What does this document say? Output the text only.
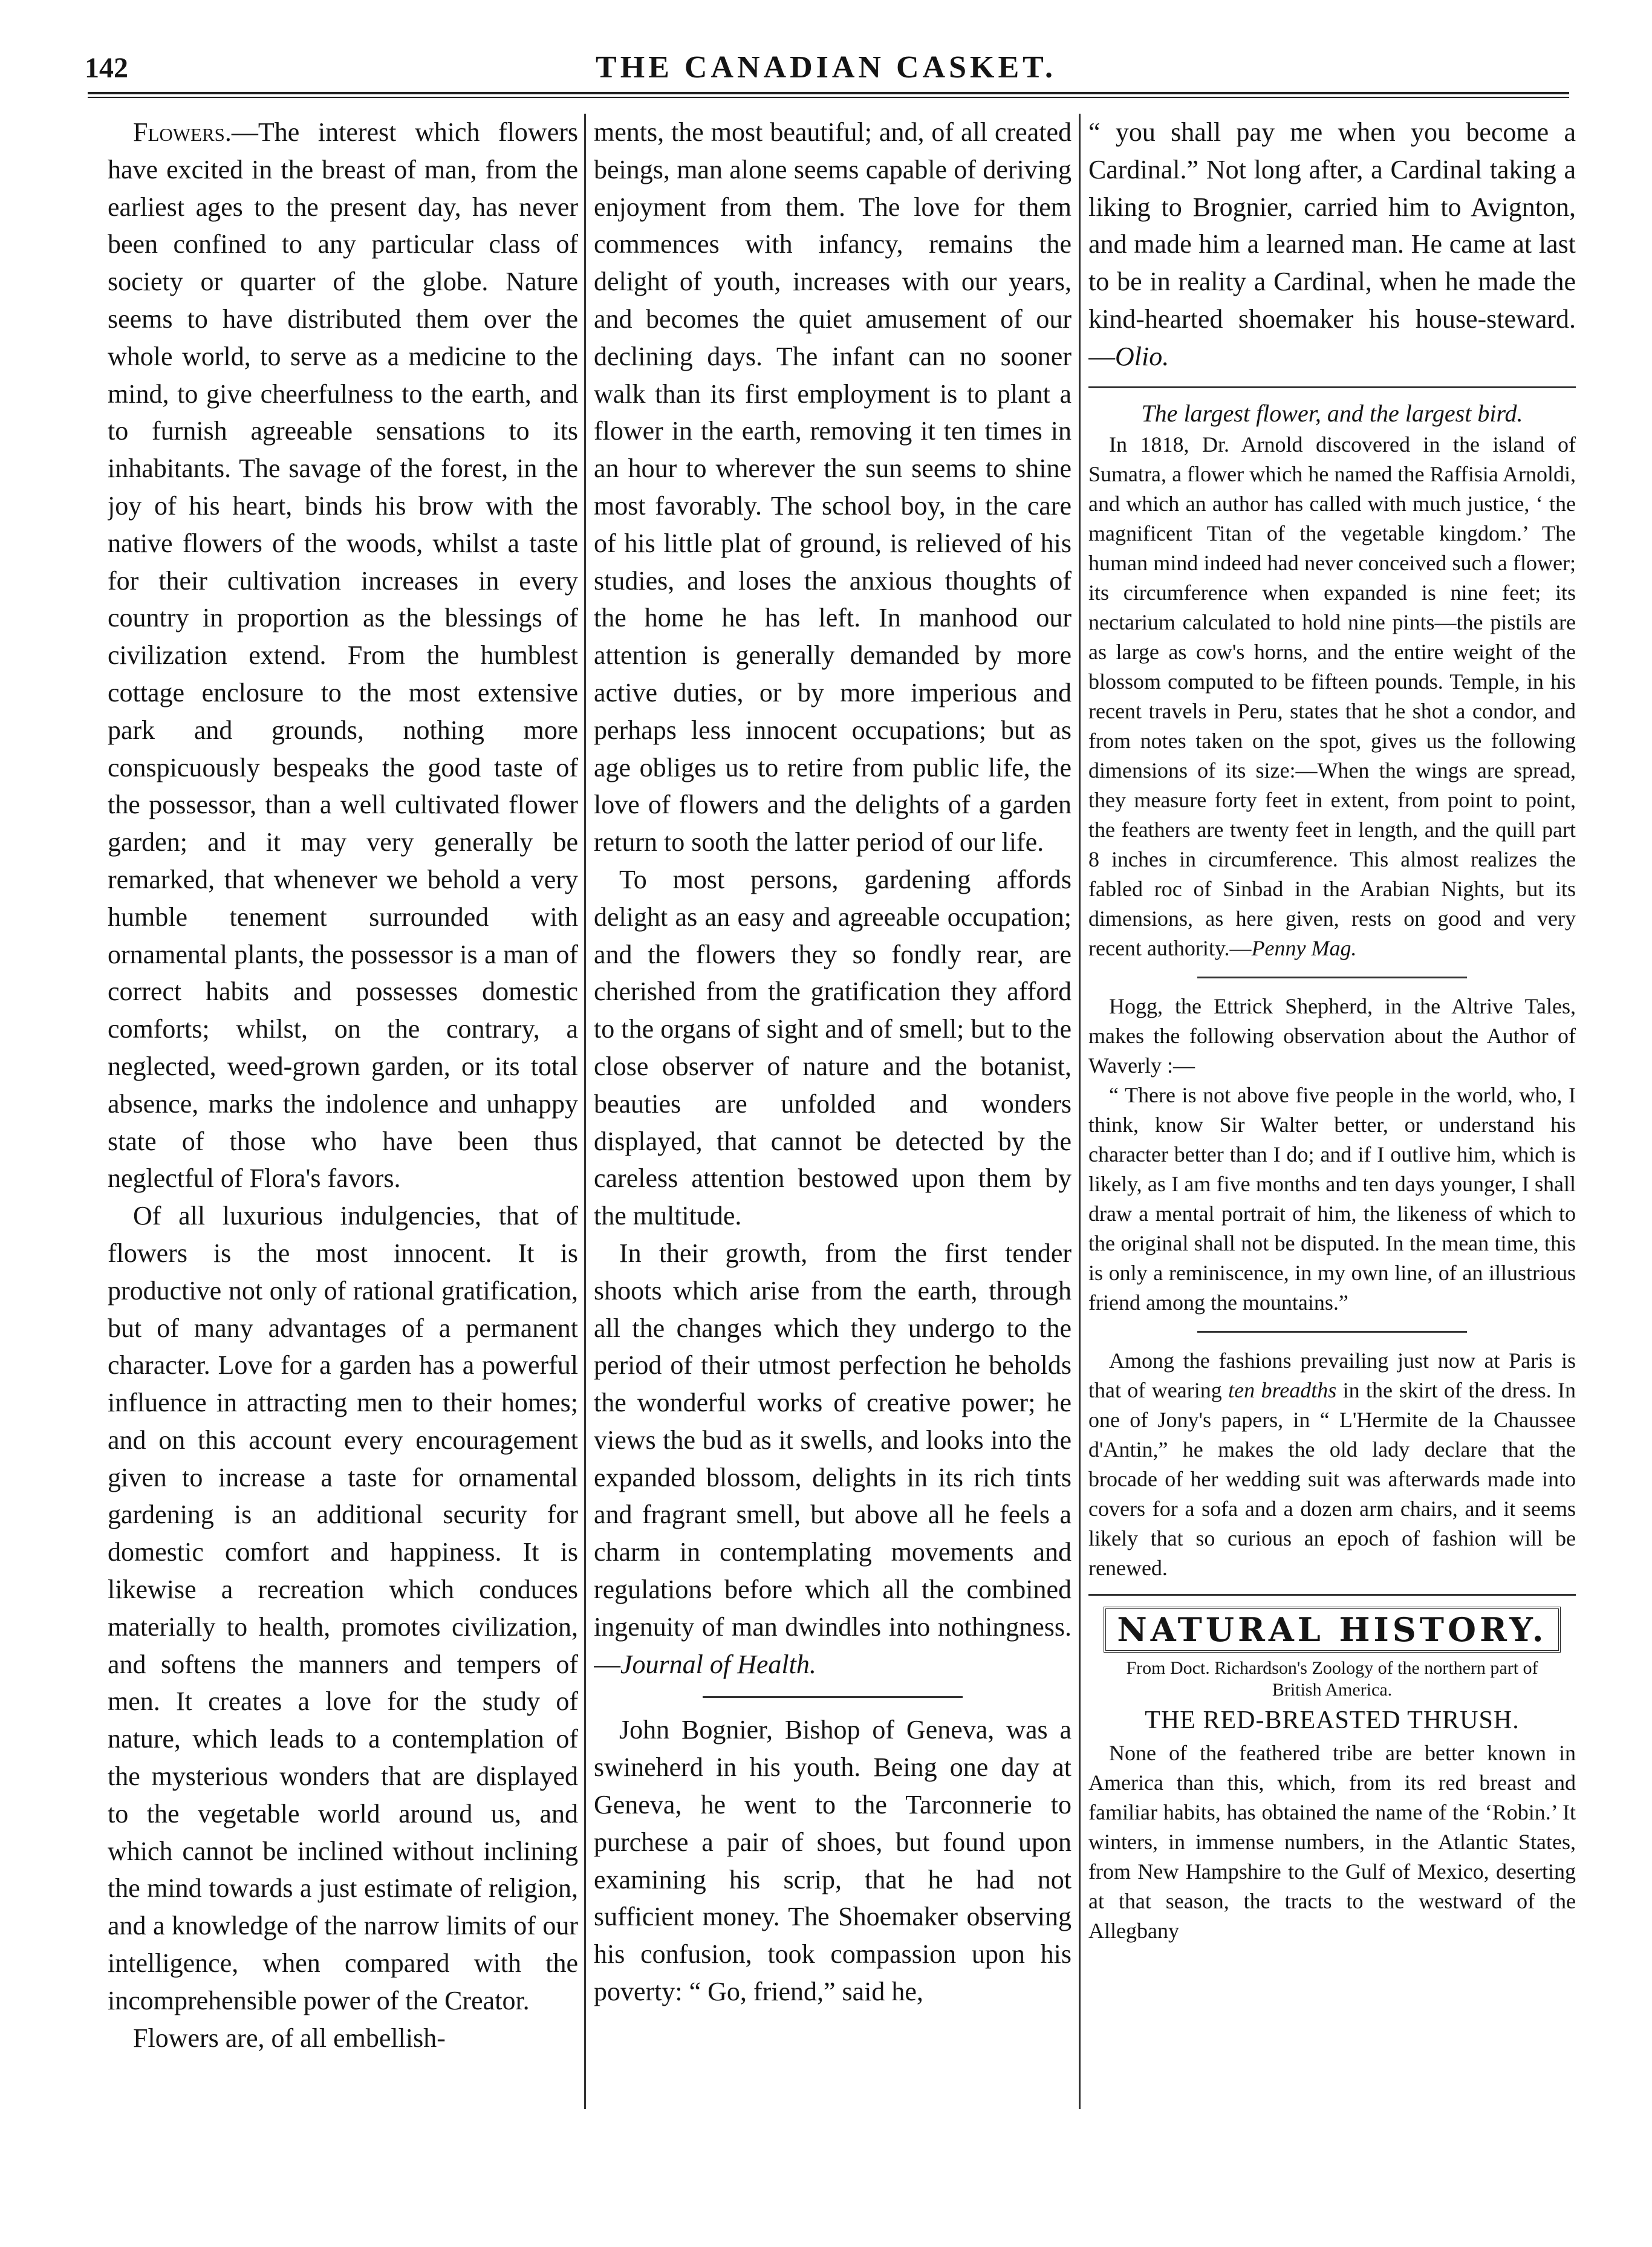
142	THE CANADIAN CASKET.

Flowers.—The interest which flowers have excited in the breast of man, from the earliest ages to the present day, has never been confined to any particular class of society or quarter of the globe. Nature seems to have distributed them over the whole world, to serve as a medicine to the mind, to give cheerfulness to the earth, and to furnish agreeable sensations to its inhabitants. The savage of the forest, in the joy of his heart, binds his brow with the native flowers of the woods, whilst a taste for their cultivation increases in every country in proportion as the blessings of civilization extend. From the humblest cottage enclosure to the most extensive park and grounds, nothing more conspicuously bespeaks the good taste of the possessor, than a well cultivated flower garden; and it may very generally be remarked, that whenever we behold a very humble tenement surrounded with ornamental plants, the possessor is a man of correct habits and possesses domestic comforts; whilst, on the contrary, a neglected, weed-grown garden, or its total absence, marks the indolence and unhappy state of those who have been thus neglectful of Flora's favors.

Of all luxurious indulgencies, that of flowers is the most innocent. It is productive not only of rational gratification, but of many advantages of a permanent character. Love for a garden has a powerful influence in attracting men to their homes; and on this account every encouragement given to increase a taste for ornamental gardening is an additional security for domestic comfort and happiness. It is likewise a recreation which conduces materially to health, promotes civilization, and softens the manners and tempers of men. It creates a love for the study of nature, which leads to a contemplation of the mysterious wonders that are displayed to the vegetable world around us, and which cannot be inclined without inclining the mind towards a just estimate of religion, and a knowledge of the narrow limits of our intelligence, when compared with the incomprehensible power of the Creator.

Flowers are, of all embellish-

ments, the most beautiful; and, of all created beings, man alone seems capable of deriving enjoyment from them. The love for them commences with infancy, remains the delight of youth, increases with our years, and becomes the quiet amusement of our declining days. The infant can no sooner walk than its first employment is to plant a flower in the earth, removing it ten times in an hour to wherever the sun seems to shine most favorably. The school boy, in the care of his little plat of ground, is relieved of his studies, and loses the anxious thoughts of the home he has left. In manhood our attention is generally demanded by more active duties, or by more imperious and perhaps less innocent occupations; but as age obliges us to retire from public life, the love of flowers and the delights of a garden return to sooth the latter period of our life.

To most persons, gardening affords delight as an easy and agreeable occupation; and the flowers they so fondly rear, are cherished from the gratification they afford to the organs of sight and of smell; but to the close observer of nature and the botanist, beauties are unfolded and wonders displayed, that cannot be detected by the careless attention bestowed upon them by the multitude.

In their growth, from the first tender shoots which arise from the earth, through all the changes which they undergo to the period of their utmost perfection he beholds the wonderful works of creative power; he views the bud as it swells, and looks into the expanded blossom, delights in its rich tints and fragrant smell, but above all he feels a charm in contemplating movements and regulations before which all the combined ingenuity of man dwindles into nothingness.—Journal of Health.

John Bognier, Bishop of Geneva, was a swineherd in his youth. Being one day at Geneva, he went to the Tarconnerie to purchese a pair of shoes, but found upon examining his scrip, that he had not sufficient money. The Shoemaker observing his confusion, took compassion upon his poverty: “ Go, friend,” said he,

“ you shall pay me when you become a Cardinal.” Not long after, a Cardinal taking a liking to Brognier, carried him to Avignton, and made him a learned man. He came at last to be in reality a Cardinal, when he made the kind-hearted shoemaker his house-steward.—Olio.

The largest flower, and the largest bird.

In 1818, Dr. Arnold discovered in the island of Sumatra, a flower which he named the Raffisia Arnoldi, and which an author has called with much justice, ‘ the magnificent Titan of the vegetable kingdom.’ The human mind indeed had never conceived such a flower; its circumference when expanded is nine feet; its nectarium calculated to hold nine pints—the pistils are as large as cow's horns, and the entire weight of the blossom computed to be fifteen pounds. Temple, in his recent travels in Peru, states that he shot a condor, and from notes taken on the spot, gives us the following dimensions of its size:—When the wings are spread, they measure forty feet in extent, from point to point, the feathers are twenty feet in length, and the quill part 8 inches in circumference. This almost realizes the fabled roc of Sinbad in the Arabian Nights, but its dimensions, as here given, rests on good and very recent authority.—Penny Mag.

Hogg, the Ettrick Shepherd, in the Altrive Tales, makes the following observation about the Author of Waverly :—

“ There is not above five people in the world, who, I think, know Sir Walter better, or understand his character better than I do; and if I outlive him, which is likely, as I am five months and ten days younger, I shall draw a mental portrait of him, the likeness of which to the original shall not be disputed. In the mean time, this is only a reminiscence, in my own line, of an illustrious friend among the mountains.”

Among the fashions prevailing just now at Paris is that of wearing ten breadths in the skirt of the dress. In one of Jony's papers, in “ L'Hermite de la Chaussee d'Antin,” he makes the old lady declare that the brocade of her wedding suit was afterwards made into covers for a sofa and a dozen arm chairs, and it seems likely that so curious an epoch of fashion will be renewed.

NATURAL HISTORY.
From Doct. Richardson's Zoology of the northern part of British America.
THE RED-BREASTED THRUSH.

None of the feathered tribe are better known in America than this, which, from its red breast and familiar habits, has obtained the name of the ‘Robin.’ It winters, in immense numbers, in the Atlantic States, from New Hampshire to the Gulf of Mexico, deserting at that season, the tracts to the westward of the Allegbany
